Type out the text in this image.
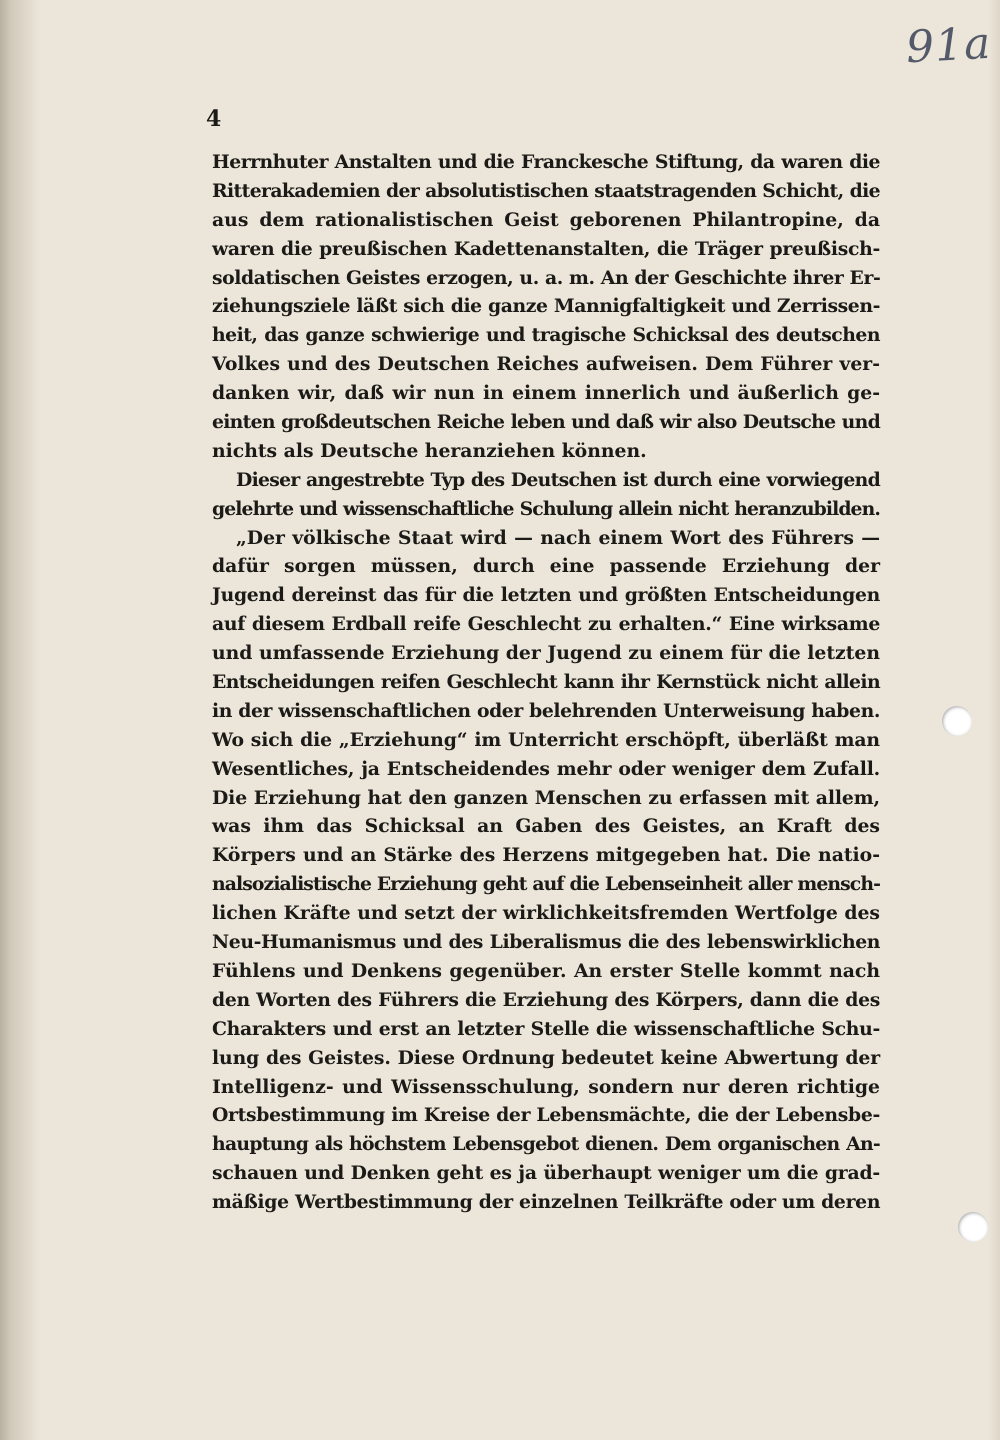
91a
4
Herrnhuter Anstalten und die Franckesche Stiftung, da waren die
Ritterakademien der absolutistischen staatstragenden Schicht, die
aus dem rationalistischen Geist geborenen Philantropine, da
waren die preußischen Kadettenanstalten, die Träger preußisch-
soldatischen Geistes erzogen, u. a. m. An der Geschichte ihrer Er-
ziehungsziele läßt sich die ganze Mannigfaltigkeit und Zerrissen-
heit, das ganze schwierige und tragische Schicksal des deutschen
Volkes und des Deutschen Reiches aufweisen. Dem Führer ver-
danken wir, daß wir nun in einem innerlich und äußerlich ge-
einten großdeutschen Reiche leben und daß wir also Deutsche und
nichts als Deutsche heranziehen können.
Dieser angestrebte Typ des Deutschen ist durch eine vorwiegend
gelehrte und wissenschaftliche Schulung allein nicht heranzubilden.
„Der völkische Staat wird — nach einem Wort des Führers —
dafür sorgen müssen, durch eine passende Erziehung der
Jugend dereinst das für die letzten und größten Entscheidungen
auf diesem Erdball reife Geschlecht zu erhalten.“ Eine wirksame
und umfassende Erziehung der Jugend zu einem für die letzten
Entscheidungen reifen Geschlecht kann ihr Kernstück nicht allein
in der wissenschaftlichen oder belehrenden Unterweisung haben.
Wo sich die „Erziehung“ im Unterricht erschöpft, überläßt man
Wesentliches, ja Entscheidendes mehr oder weniger dem Zufall.
Die Erziehung hat den ganzen Menschen zu erfassen mit allem,
was ihm das Schicksal an Gaben des Geistes, an Kraft des
Körpers und an Stärke des Herzens mitgegeben hat. Die natio-
nalsozialistische Erziehung geht auf die Lebenseinheit aller mensch-
lichen Kräfte und setzt der wirklichkeitsfremden Wertfolge des
Neu-Humanismus und des Liberalismus die des lebenswirklichen
Fühlens und Denkens gegenüber. An erster Stelle kommt nach
den Worten des Führers die Erziehung des Körpers, dann die des
Charakters und erst an letzter Stelle die wissenschaftliche Schu-
lung des Geistes. Diese Ordnung bedeutet keine Abwertung der
Intelligenz- und Wissensschulung, sondern nur deren richtige
Ortsbestimmung im Kreise der Lebensmächte, die der Lebensbe-
hauptung als höchstem Lebensgebot dienen. Dem organischen An-
schauen und Denken geht es ja überhaupt weniger um die grad-
mäßige Wertbestimmung der einzelnen Teilkräfte oder um deren
